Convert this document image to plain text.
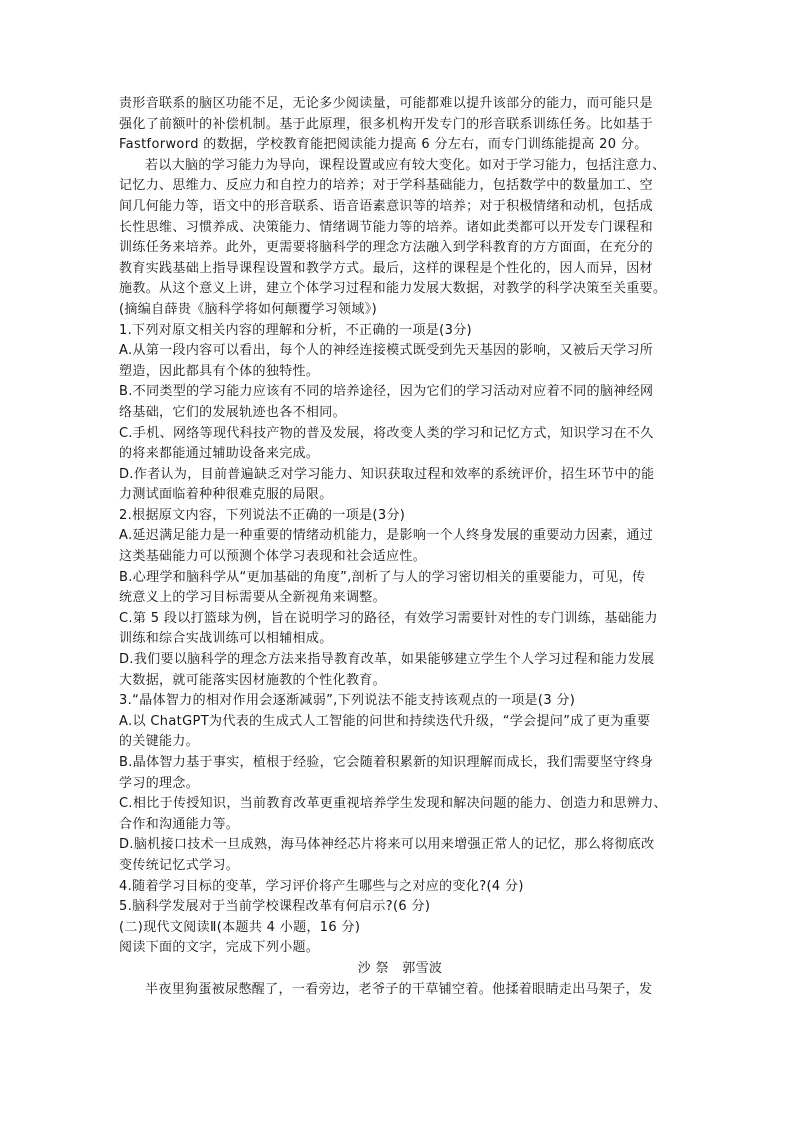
责形音联系的脑区功能不足，无论多少阅读量，可能都难以提升该部分的能力，而可能只是
强化了前额叶的补偿机制。基于此原理，很多机构开发专门的形音联系训练任务。比如基于
Fastforword 的数据，学校教育能把阅读能力提高 6 分左右，而专门训练能提高 20 分。
若以大脑的学习能力为导向，课程设置或应有较大变化。如对于学习能力，包括注意力、
记忆力、思维力、反应力和自控力的培养；对于学科基础能力，包括数学中的数量加工、空
间几何能力等，语文中的形音联系、语音语素意识等的培养；对于积极情绪和动机，包括成
长性思维、习惯养成、决策能力、情绪调节能力等的培养。诸如此类都可以开发专门课程和
训练任务来培养。此外，更需要将脑科学的理念方法融入到学科教育的方方面面，在充分的
教育实践基础上指导课程设置和教学方式。最后，这样的课程是个性化的，因人而异，因材
施教。从这个意义上讲，建立个体学习过程和能力发展大数据，对教学的科学决策至关重要。
(摘编自薛贵《脑科学将如何颠覆学习领域》)
1.下列对原文相关内容的理解和分析，不正确的一项是(3分)
A.从第一段内容可以看出，每个人的神经连接模式既受到先天基因的影响，又被后天学习所
塑造，因此都具有个体的独特性。
B.不同类型的学习能力应该有不同的培养途径，因为它们的学习活动对应着不同的脑神经网
络基础，它们的发展轨迹也各不相同。
C.手机、网络等现代科技产物的普及发展，将改变人类的学习和记忆方式，知识学习在不久
的将来都能通过辅助设备来完成。
D.作者认为，目前普遍缺乏对学习能力、知识获取过程和效率的系统评价，招生环节中的能
力测试面临着种种很难克服的局限。
2.根据原文内容，下列说法不正确的一项是(3分)
A.延迟满足能力是一种重要的情绪动机能力，是影响一个人终身发展的重要动力因素，通过
这类基础能力可以预测个体学习表现和社会适应性。
B.心理学和脑科学从“更加基础的角度”,剖析了与人的学习密切相关的重要能力，可见，传
统意义上的学习目标需要从全新视角来调整。
C.第 5 段以打篮球为例，旨在说明学习的路径，有效学习需要针对性的专门训练，基础能力
训练和综合实战训练可以相辅相成。
D.我们要以脑科学的理念方法来指导教育改革，如果能够建立学生个人学习过程和能力发展
大数据，就可能落实因材施教的个性化教育。
3.“晶体智力的相对作用会逐渐减弱”,下列说法不能支持该观点的一项是(3 分)
A.以 ChatGPT为代表的生成式人工智能的问世和持续迭代升级，“学会提问”成了更为重要
的关键能力。
B.晶体智力基于事实，植根于经验，它会随着积累新的知识理解而成长，我们需要坚守终身
学习的理念。
C.相比于传授知识，当前教育改革更重视培养学生发现和解决问题的能力、创造力和思辨力、
合作和沟通能力等。
D.脑机接口技术一旦成熟，海马体神经芯片将来可以用来增强正常人的记忆，那么将彻底改
变传统记忆式学习。
4.随着学习目标的变革，学习评价将产生哪些与之对应的变化?(4 分)
5.脑科学发展对于当前学校课程改革有何启示?(6 分)
(二)现代文阅读Ⅱ(本题共 4 小题，16 分)
阅读下面的文字，完成下列小题。
沙 祭　郭雪波
半夜里狗蛋被尿憋醒了，一看旁边，老爷子的干草铺空着。他揉着眼睛走出马架子，发
